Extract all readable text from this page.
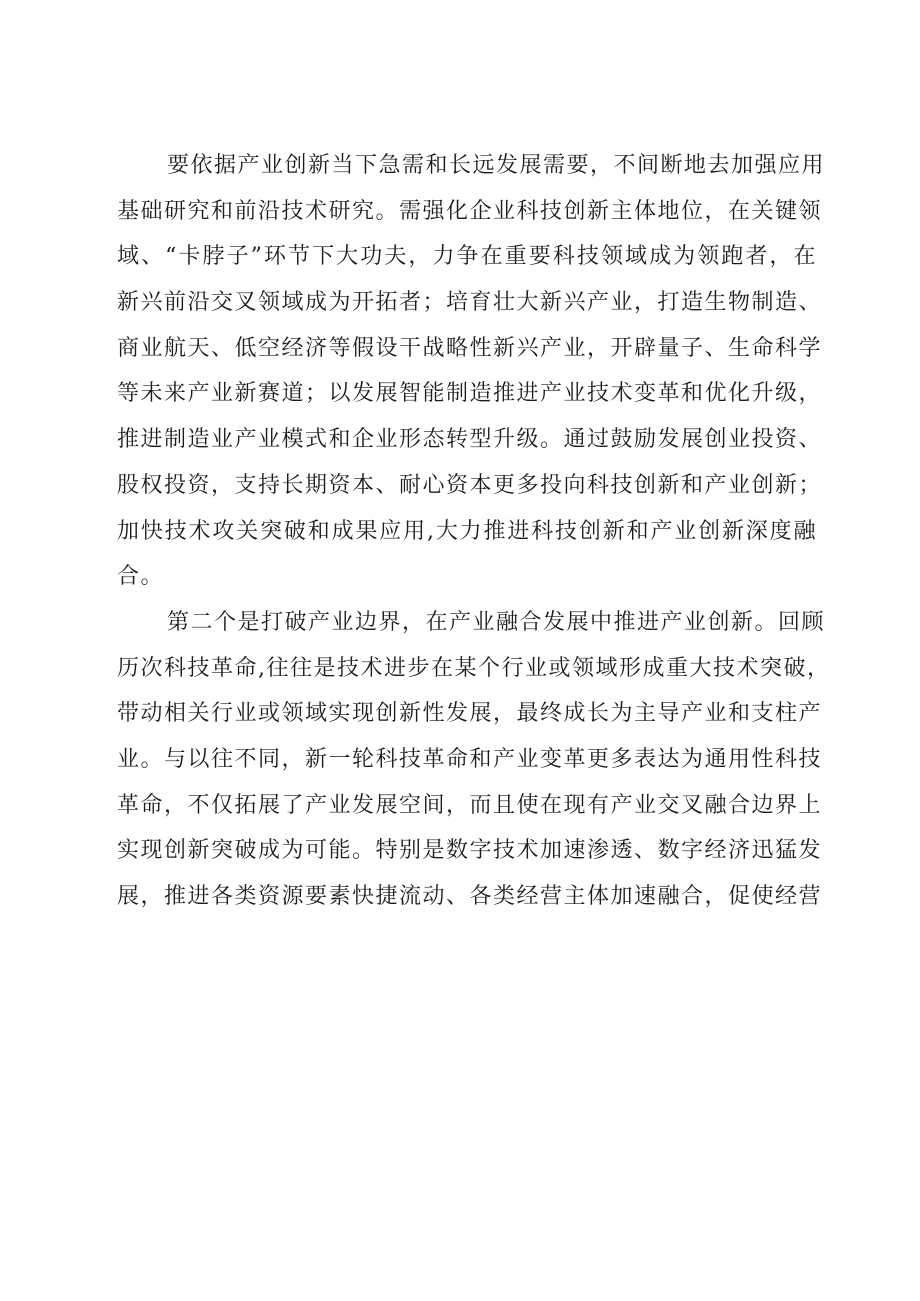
要依据产业创新当下急需和长远发展需要，不间断地去加强应用
基础研究和前沿技术研究。需强化企业科技创新主体地位，在关键领
域、“卡脖子”环节下大功夫，力争在重要科技领域成为领跑者，在
新兴前沿交叉领域成为开拓者；培育壮大新兴产业，打造生物制造、
商业航天、低空经济等假设干战略性新兴产业，开辟量子、生命科学
等未来产业新赛道；以发展智能制造推进产业技术变革和优化升级，
推进制造业产业模式和企业形态转型升级。通过鼓励发展创业投资、
股权投资，支持长期资本、耐心资本更多投向科技创新和产业创新；
加快技术攻关突破和成果应用,大力推进科技创新和产业创新深度融
合。
第二个是打破产业边界，在产业融合发展中推进产业创新。回顾
历次科技革命,往往是技术进步在某个行业或领域形成重大技术突破，
带动相关行业或领域实现创新性发展，最终成长为主导产业和支柱产
业。与以往不同，新一轮科技革命和产业变革更多表达为通用性科技
革命，不仅拓展了产业发展空间，而且使在现有产业交叉融合边界上
实现创新突破成为可能。特别是数字技术加速渗透、数字经济迅猛发
展，推进各类资源要素快捷流动、各类经营主体加速融合，促使经营
